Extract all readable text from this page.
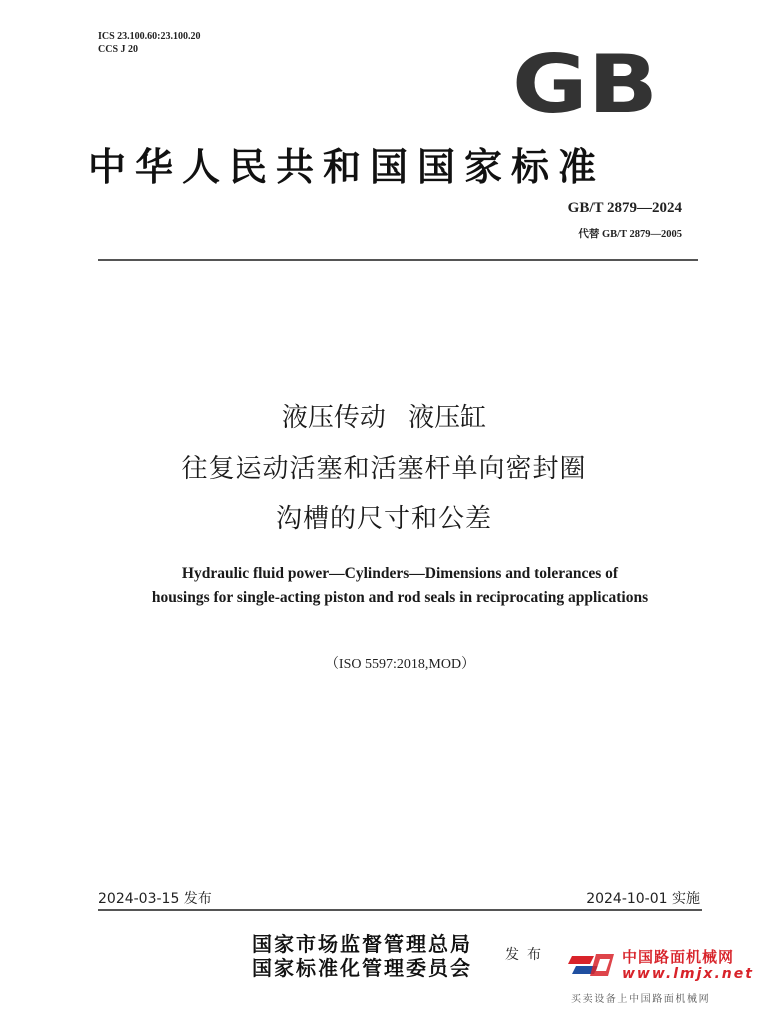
ICS 23.100.60:23.100.20
CCS J 20	GB
中华人民共和国国家标准
GB/T 2879—2024
代替 GB/T 2879—2005
液压传动 液压缸
往复运动活塞和活塞杆单向密封圈
沟槽的尺寸和公差
Hydraulic fluid power—Cylinders—Dimensions and tolerances of
housings for single-acting piston and rod seals in reciprocating applications
（ISO 5597:2018,MOD）
2024-03-15 发布	2024-10-01 实施
国家市场监督管理总局
国家标准化管理委员会
发布	中国路面机械网
www.lmjx.net
买卖设备上中国路面机械网
